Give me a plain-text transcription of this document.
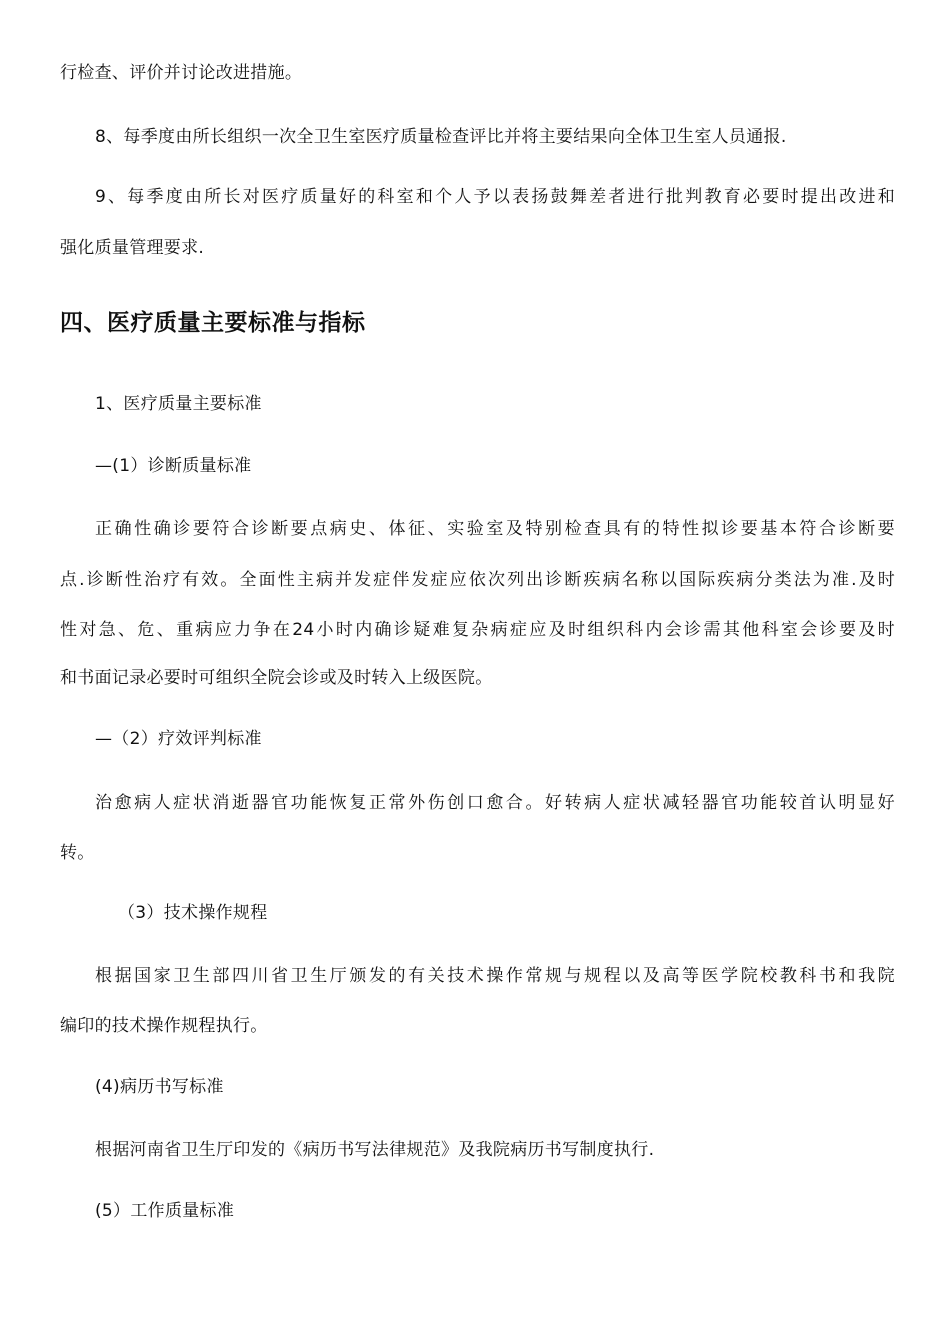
行检查、评价并讨论改进措施。
8、每季度由所长组织一次全卫生室医疗质量检查评比并将主要结果向全体卫生室人员通报.
9、每季度由所长对医疗质量好的科室和个人予以表扬鼓舞差者进行批判教育必要时提出改进和
强化质量管理要求.
四、医疗质量主要标准与指标
1、医疗质量主要标准
—(1）诊断质量标准
正确性确诊要符合诊断要点病史、体征、实验室及特别检查具有的特性拟诊要基本符合诊断要
点.诊断性治疗有效。全面性主病并发症伴发症应依次列出诊断疾病名称以国际疾病分类法为准.及时
性对急、危、重病应力争在24小时内确诊疑难复杂病症应及时组织科内会诊需其他科室会诊要及时
和书面记录必要时可组织全院会诊或及时转入上级医院。
—（2）疗效评判标准
治愈病人症状消逝器官功能恢复正常外伤创口愈合。好转病人症状减轻器官功能较首认明显好
转。
（3）技术操作规程
根据国家卫生部四川省卫生厅颁发的有关技术操作常规与规程以及高等医学院校教科书和我院
编印的技术操作规程执行。
(4)病历书写标准
根据河南省卫生厅印发的《病历书写法律规范》及我院病历书写制度执行.
(5）工作质量标准
